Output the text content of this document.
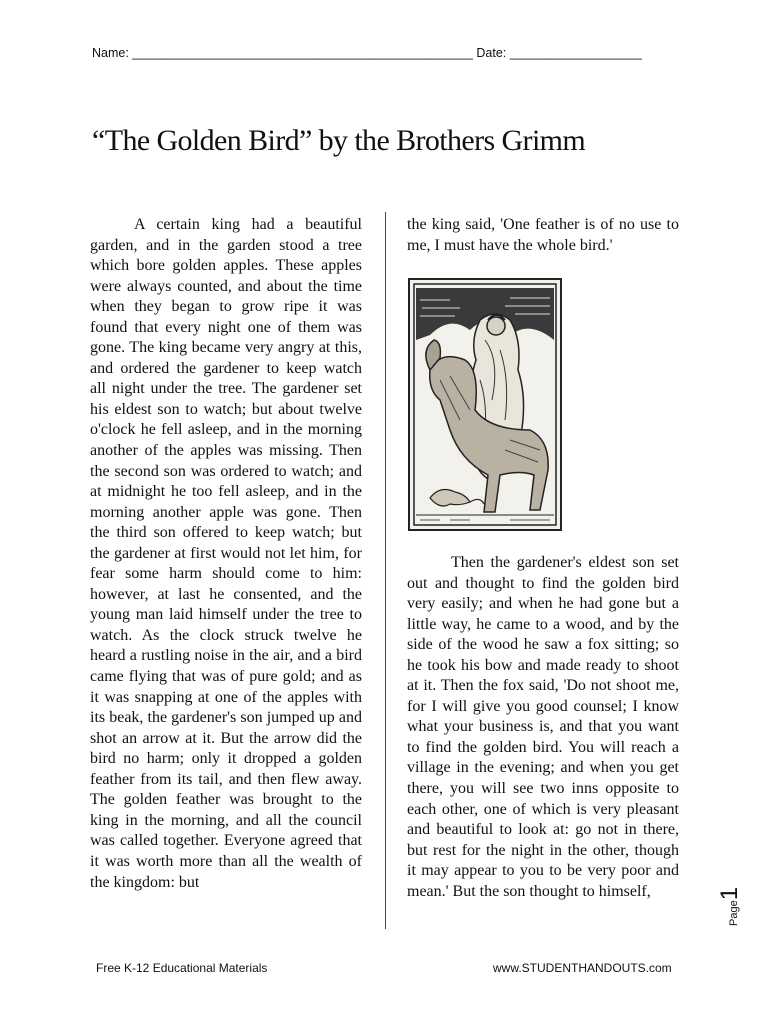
Name: _________________________________________________ Date: ___________________
“The Golden Bird” by the Brothers Grimm

A certain king had a beautiful garden, and in the garden stood a tree which bore golden apples. These apples were always counted, and about the time when they began to grow ripe it was found that every night one of them was gone. The king became very angry at this, and ordered the gardener to keep watch all night under the tree. The gardener set his eldest son to watch; but about twelve o'clock he fell asleep, and in the morning another of the apples was missing. Then the second son was ordered to watch; and at midnight he too fell asleep, and in the morning another apple was gone. Then the third son offered to keep watch; but the gardener at first would not let him, for fear some harm should come to him: however, at last he consented, and the young man laid himself under the tree to watch. As the clock struck twelve he heard a rustling noise in the air, and a bird came flying that was of pure gold; and as it was snapping at one of the apples with its beak, the gardener's son jumped up and shot an arrow at it. But the arrow did the bird no harm; only it dropped a golden feather from its tail, and then flew away. The golden feather was brought to the king in the morning, and all the council was called together. Everyone agreed that it was worth more than all the wealth of the kingdom: but

the king said, 'One feather is of no use to me, I must have the whole bird.'

Then the gardener's eldest son set out and thought to find the golden bird very easily; and when he had gone but a little way, he came to a wood, and by the side of the wood he saw a fox sitting; so he took his bow and made ready to shoot at it. Then the fox said, 'Do not shoot me, for I will give you good counsel; I know what your business is, and that you want to find the golden bird. You will reach a village in the evening; and when you get there, you will see two inns opposite to each other, one of which is very pleasant and beautiful to look at: go not in there, but rest for the night in the other, though it may appear to you to be very poor and mean.' But the son thought to himself,

Page1
Free K-12 Educational Materials	www.STUDENTHANDOUTS.com
